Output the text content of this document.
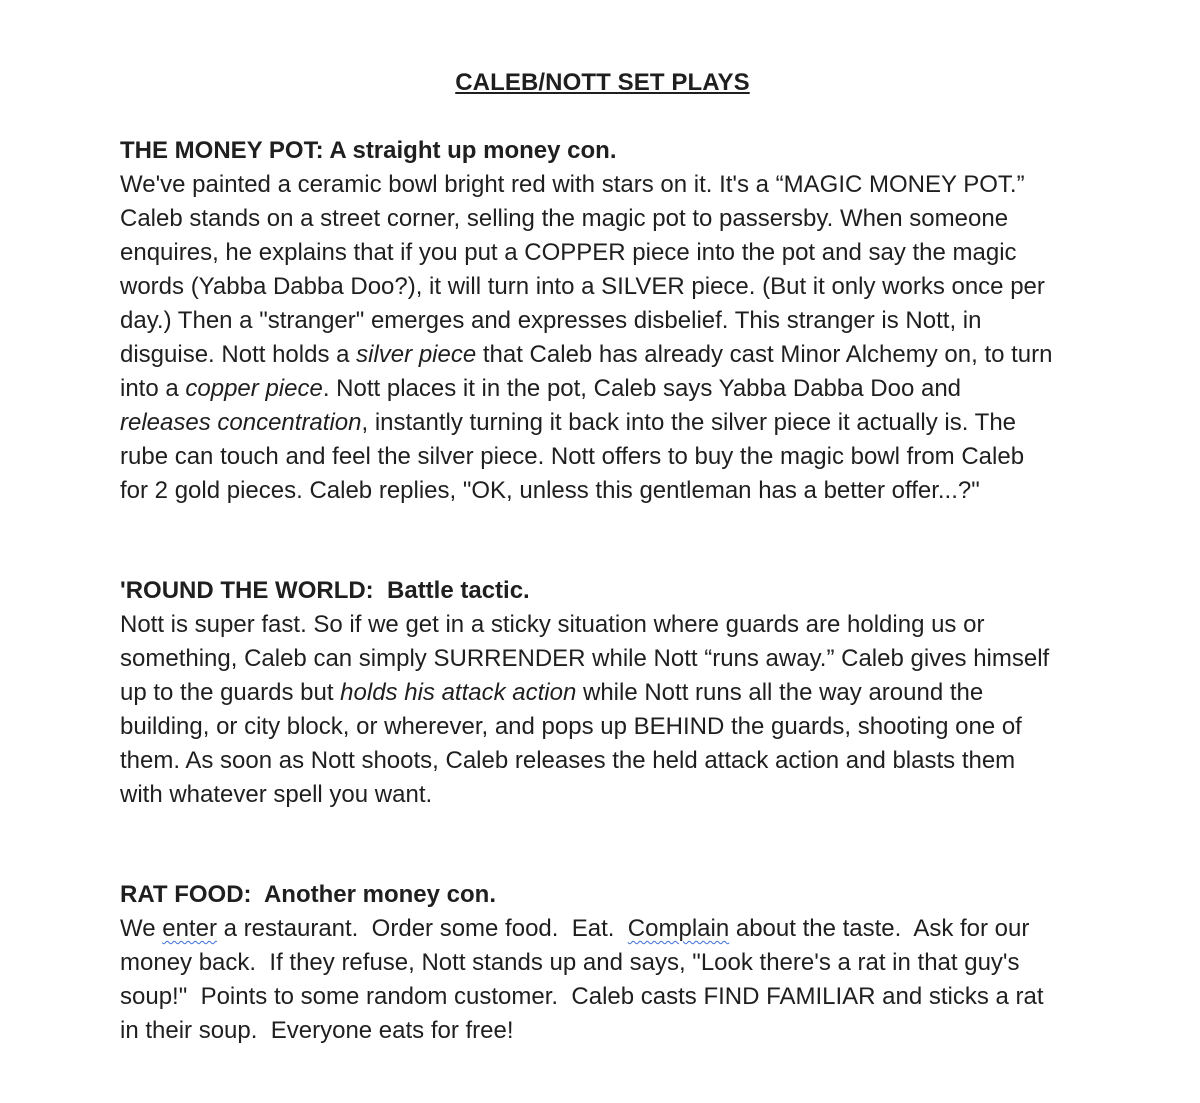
CALEB/NOTT SET PLAYS

THE MONEY POT: A straight up money con.

We've painted a ceramic bowl bright red with stars on it. It's a “MAGIC MONEY POT.”
Caleb stands on a street corner, selling the magic pot to passersby. When someone
enquires, he explains that if you put a COPPER piece into the pot and say the magic
words (Yabba Dabba Doo?), it will turn into a SILVER piece. (But it only works once per
day.) Then a "stranger" emerges and expresses disbelief. This stranger is Nott, in
disguise. Nott holds a silver piece that Caleb has already cast Minor Alchemy on, to turn
into a copper piece. Nott places it in the pot, Caleb says Yabba Dabba Doo and
releases concentration, instantly turning it back into the silver piece it actually is. The
rube can touch and feel the silver piece. Nott offers to buy the magic bowl from Caleb
for 2 gold pieces. Caleb replies, "OK, unless this gentleman has a better offer...?"

'ROUND THE WORLD:  Battle tactic.

Nott is super fast. So if we get in a sticky situation where guards are holding us or
something, Caleb can simply SURRENDER while Nott “runs away.” Caleb gives himself
up to the guards but holds his attack action while Nott runs all the way around the
building, or city block, or wherever, and pops up BEHIND the guards, shooting one of
them. As soon as Nott shoots, Caleb releases the held attack action and blasts them
with whatever spell you want.

RAT FOOD:  Another money con.

We enter a restaurant.  Order some food.  Eat.  Complain about the taste.  Ask for our
money back.  If they refuse, Nott stands up and says, "Look there's a rat in that guy's
soup!"  Points to some random customer.  Caleb casts FIND FAMILIAR and sticks a rat
in their soup.  Everyone eats for free!
